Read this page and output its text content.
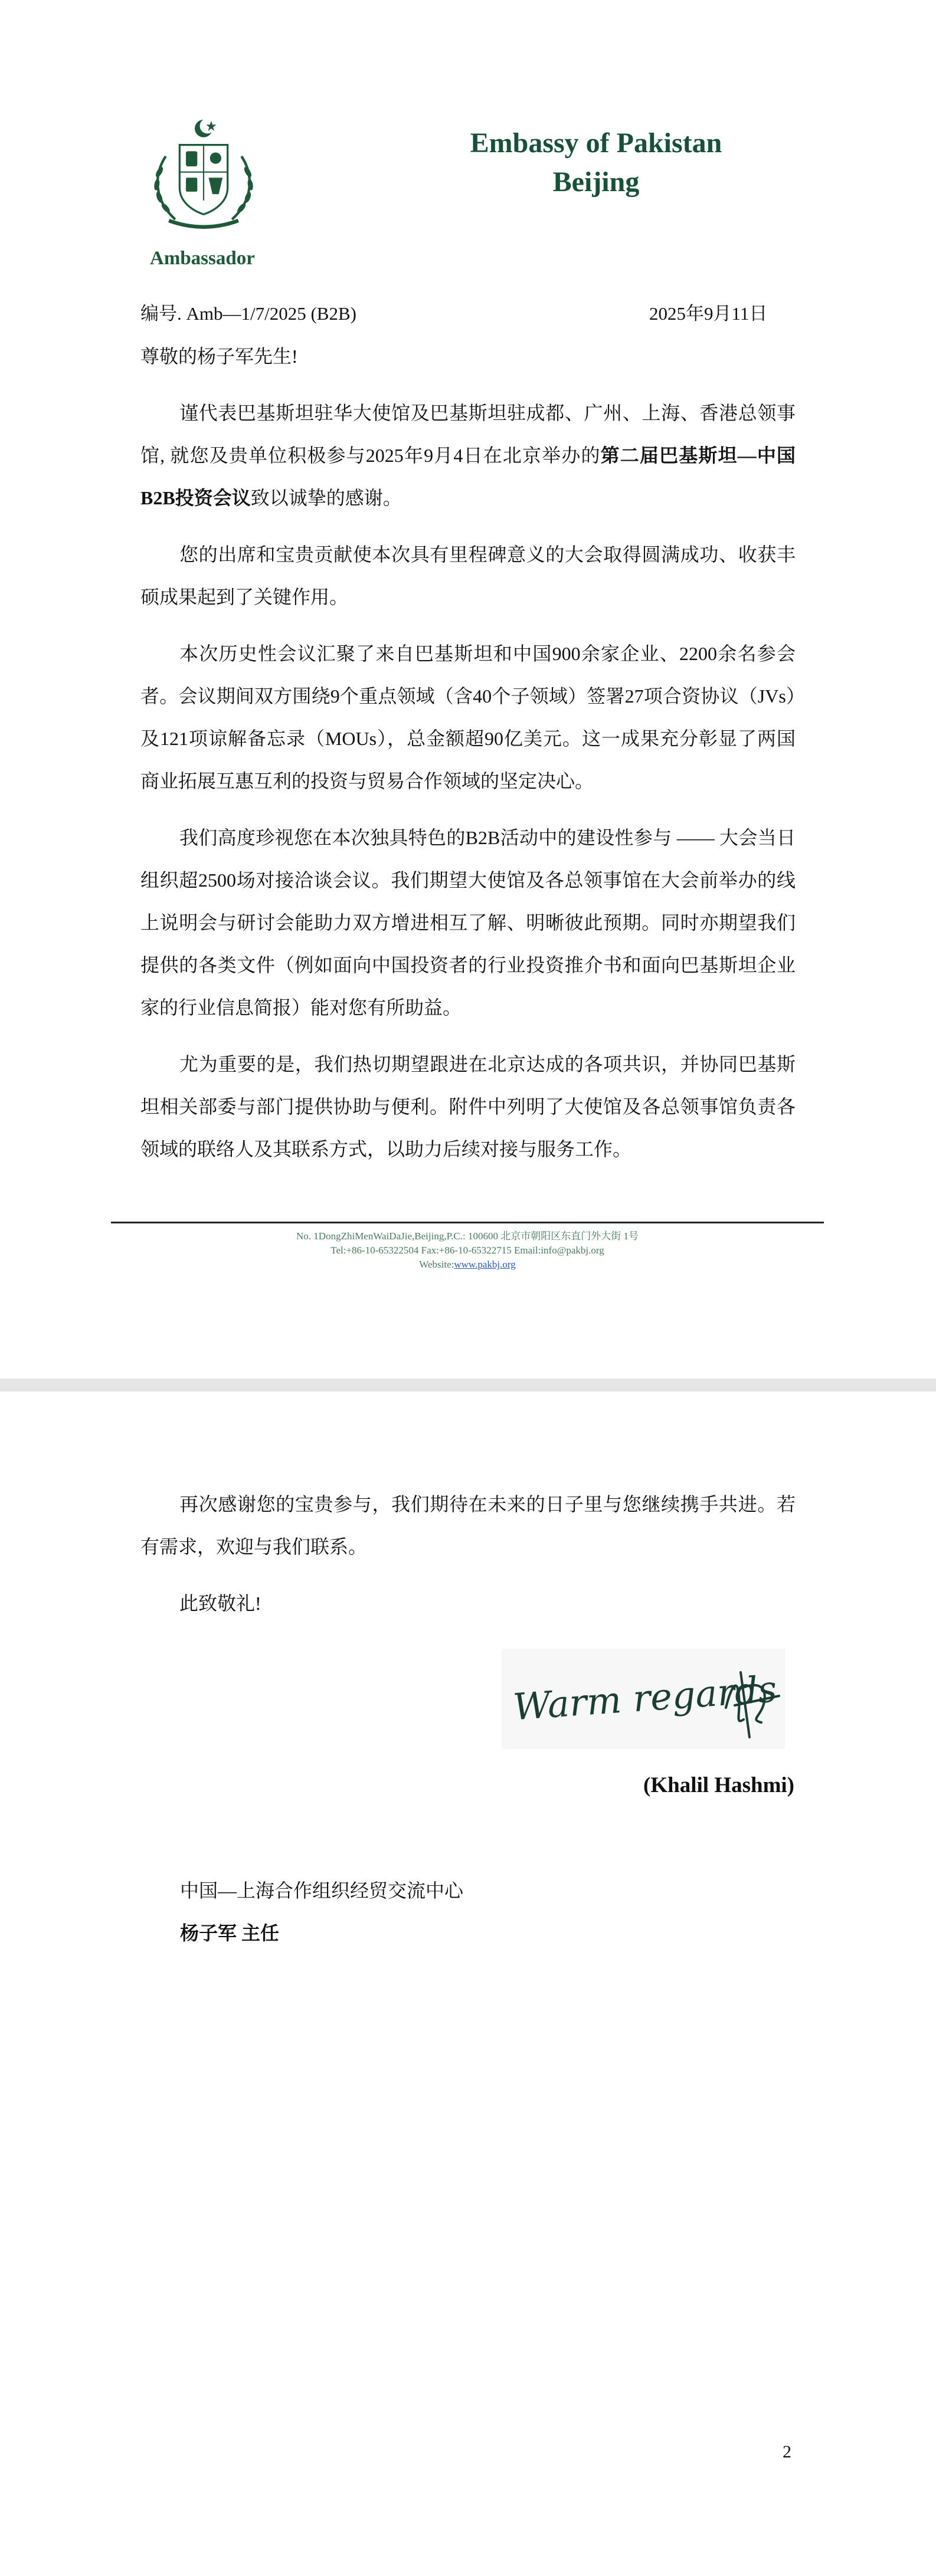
Ambassador
Embassy of Pakistan
Beijing
编号. Amb—1/7/2025 (B2B)	2025年9月11日

尊敬的杨子军先生!

谨代表巴基斯坦驻华大使馆及巴基斯坦驻成都、广州、上海、香港总领事馆, 就您及贵单位积极参与2025年9月4日在北京举办的第二届巴基斯坦—中国B2B投资会议致以诚挚的感谢。

您的出席和宝贵贡献使本次具有里程碑意义的大会取得圆满成功、收获丰硕成果起到了关键作用。

本次历史性会议汇聚了来自巴基斯坦和中国900余家企业、2200余名参会者。会议期间双方围绕9个重点领域（含40个子领域）签署27项合资协议（JVs）及121项谅解备忘录（MOUs），总金额超90亿美元。这一成果充分彰显了两国商业拓展互惠互利的投资与贸易合作领域的坚定决心。

我们高度珍视您在本次独具特色的B2B活动中的建设性参与 —— 大会当日组织超2500场对接洽谈会议。我们期望大使馆及各总领事馆在大会前举办的线上说明会与研讨会能助力双方增进相互了解、明晰彼此预期。同时亦期望我们提供的各类文件（例如面向中国投资者的行业投资推介书和面向巴基斯坦企业家的行业信息简报）能对您有所助益。

尤为重要的是，我们热切期望跟进在北京达成的各项共识，并协同巴基斯坦相关部委与部门提供协助与便利。附件中列明了大使馆及各总领事馆负责各领域的联络人及其联系方式，以助力后续对接与服务工作。

No. 1DongZhiMenWaiDaJie,Beijing,P.C.: 100600 北京市朝阳区东直门外大街 1号
Tel:+86-10-65322504 Fax:+86-10-65322715 Email:info@pakbj.org
Website:www.pakbj.org

再次感谢您的宝贵参与，我们期待在未来的日子里与您继续携手共进。若有需求，欢迎与我们联系。

此致敬礼!

Warm regards
(Khalil Hashmi)
中国—上海合作组织经贸交流中心
杨子军 主任
2
